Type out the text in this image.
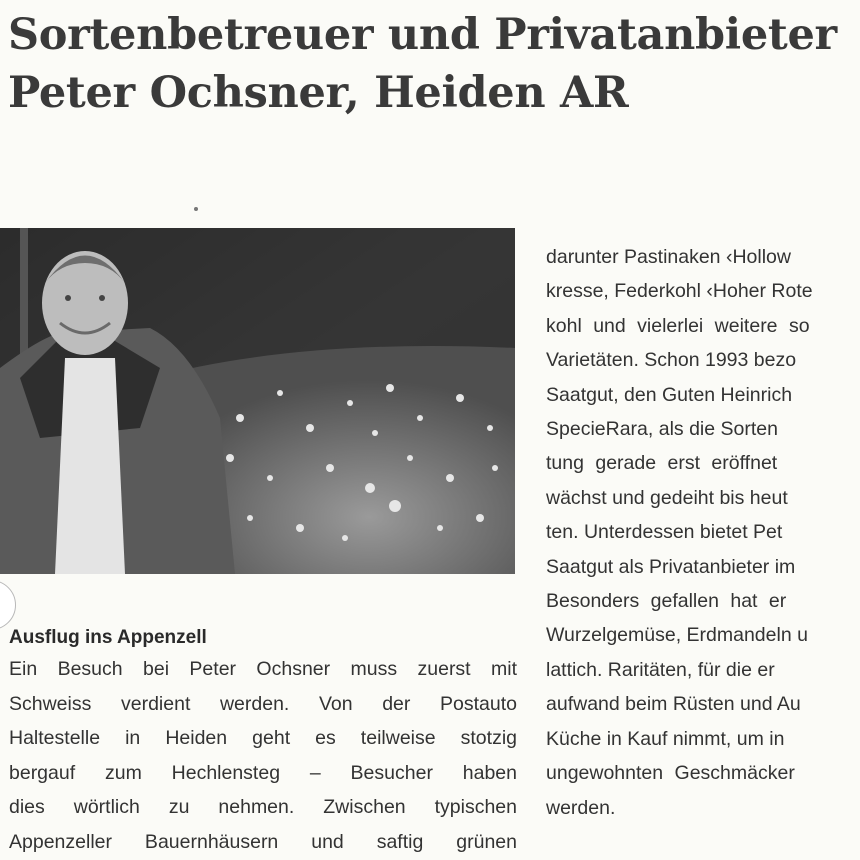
Sortenbetreuer und Privatanbieter
Peter Ochsner, Heiden AR
Ausflug ins Appenzell
Ein Besuch bei Peter Ochsner muss zuerst mit
Schweiss verdient werden. Von der Postauto
Haltestelle in Heiden geht es teilweise stotzig
bergauf zum Hechlensteg – Besucher haben
dies wörtlich zu nehmen. Zwischen typischen
Appenzeller Bauernhäusern und saftig grünen
darunter Pastinaken ‹Hollow
kresse, Federkohl ‹Hoher Rote
kohl und vielerlei weitere so
Varietäten. Schon 1993 bezo
Saatgut, den Guten Heinrich
SpecieRara, als die Sorten
tung gerade erst eröffnet
wächst und gedeiht bis heut
ten. Unterdessen bietet Pet
Saatgut als Privatanbieter im
Besonders gefallen hat er
Wurzelgemüse, Erdmandeln u
lattich. Raritäten, für die er
aufwand beim Rüsten und Au
Küche in Kauf nimmt, um in
ungewohnten Geschmäcker
werden.
